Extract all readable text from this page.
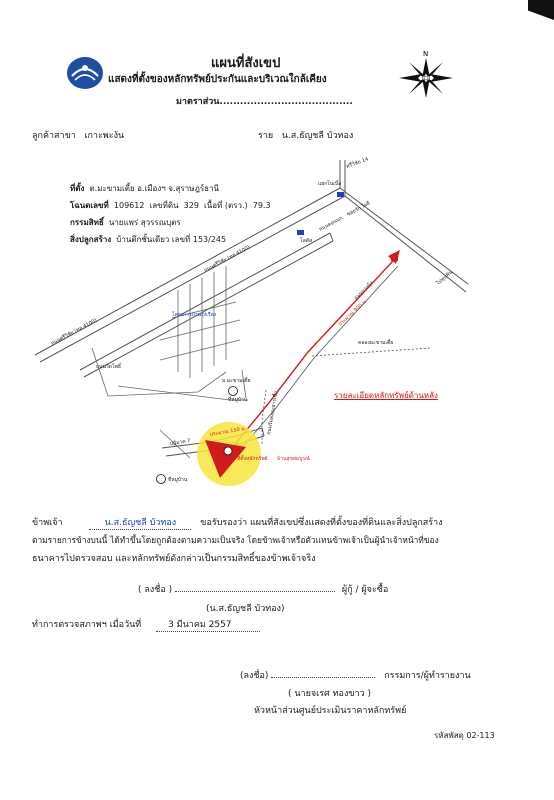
แผนที่สังเขป
แสดงที่ตั้งของหลักทรัพย์ประกันและบริเวณใกล้เคียง
มาตราส่วน.......................................
N
ลูกค้าสาขา เกาะพะงัน	ราย น.ส.ธัญชลี บัวทอง
ที่ตั้ง ต.มะขามเตี้ย อ.เมืองฯ จ.สุราษฎร์ธานี
โฉนดเลขที่ 109612 เลขที่ดิน 329 เนื้อที่ (ตรว.) 79.3
กรรมสิทธิ์ นายแพร่ สุวรรณบุตร
สิ่งปลูกสร้าง บ้านตึกชั้นเดียว เลขที่ 153/245
ถนนศรีวิชัย (ทล.4100)
ถนนศรีวิชัย (ทล.4100)
ถนนดอนนก
ศรีวิชัย 14
แยกโนเบิ้ล
ซอยรัก ใจดี
โลตัส
โครงการบ้านรุ่งเรือง
ถนนวัดโพธิ์
คลองมะขามเตี้ย
ถนนบางกุ้ง
ม.มะขามเตี้ย
ประมาณ 900 ม.
ประมาณ 150 ม.
ปฏิมาค 7
ถนนริมคลองสารเชื้อ
ไปพุนพิน
ที่ตั้งหลักทรัพย์ บ้านสุขสมบูรณ์
ที่หมู่บ้าน
ที่หมู่บ้าน
รายละเอียดหลักทรัพย์ด้านหลัง
ข้าพเจ้า	น.ส.ธัญชลี บัวทอง	ขอรับรองว่า แผนที่สังเขปซึ่งแสดงที่ตั้งของที่ดินและสิ่งปลูกสร้าง
ตามรายการข้างบนนี้ ได้ทำขึ้นโดยถูกต้องตามความเป็นจริง โดยข้าพเจ้าหรือตัวแทนข้าพเจ้าเป็นผู้นำเจ้าหน้าที่ของ
ธนาคารไปตรวจสอบ และหลักทรัพย์ดังกล่าวเป็นกรรมสิทธิ์ของข้าพเจ้าจริง
( ลงชื่อ )	ผู้กู้ / ผู้จะซื้อ
(น.ส.ธัญชลี บัวทอง)
ทำการตรวจสภาพฯ เมื่อวันที่	3 มีนาคม 2557
(ลงชื่อ)	กรรมการ/ผู้ทำรายงาน
( นายจเรศ ทองขาว )
หัวหน้าส่วนศูนย์ประเมินราคาหลักทรัพย์
รหัสพัสดุ 02-113
